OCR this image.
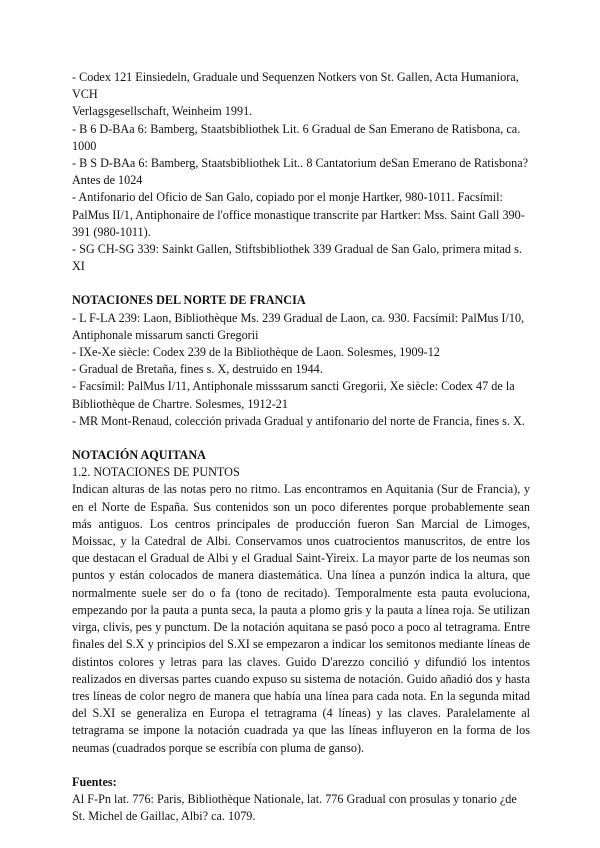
- Codex 121 Einsiedeln, Graduale und Sequenzen Notkers von St. Gallen, Acta Humaniora, VCH

Verlagsgesellschaft, Weinheim 1991.

- B 6 D-BAa 6: Bamberg, Staatsbibliothek Lit. 6 Gradual de San Emerano de Ratisbona, ca. 1000

- B S D-BAa 6: Bamberg, Staatsbibliothek Lit.. 8 Cantatorium deSan Emerano de Ratisbona? Antes de 1024

- Antifonario del Oficio de San Galo, copiado por el monje Hartker, 980-1011. Facsímil: PalMus II/1, Antiphonaire de l'office monastique transcrite par Hartker: Mss. Saint Gall 390-391 (980-1011).

- SG CH-SG 339: Sainkt Gallen, Stiftsbibliothek 339 Gradual de San Galo, primera mitad s. XI

NOTACIONES DEL NORTE DE FRANCIA

- L F-LA 239: Laon, Bibliothèque Ms. 239 Gradual de Laon, ca. 930. Facsímil: PalMus I/10, Antiphonale missarum sancti Gregorii

- IXe-Xe siècle: Codex 239 de la Bibliothèque de Laon. Solesmes, 1909-12

- Gradual de Bretaña, fines s. X, destruido en 1944.

- Facsímil: PalMus I/11, Antiphonale misssarum sancti Gregorii, Xe siècle: Codex 47 de la Bibliothèque de Chartre. Solesmes, 1912-21

- MR Mont-Renaud, colección privada Gradual y antifonario del norte de Francia, fines s. X.

NOTACIÓN AQUITANA

1.2. NOTACIONES DE PUNTOS

Indican alturas de las notas pero no ritmo. Las encontramos en Aquitania (Sur de Francia), y en el Norte de España. Sus contenidos son un poco diferentes porque probablemente sean más antiguos. Los centros principales de producción fueron San Marcial de Limoges, Moissac, y la Catedral de Albi. Conservamos unos cuatrocientos manuscritos, de entre los que destacan el Gradual de Albi y el Gradual Saint-Yireix. La mayor parte de los neumas son puntos y están colocados de manera diastemática. Una línea a punzón indica la altura, que normalmente suele ser do o fa (tono de recitado). Temporalmente esta pauta evoluciona, empezando por la pauta a punta seca, la pauta a plomo gris y la pauta a línea roja. Se utilizan virga, clivis, pes y punctum. De la notación aquitana se pasó poco a poco al tetragrama. Entre finales del S.X y principios del S.XI se empezaron a indicar los semitonos mediante líneas de distintos colores y letras para las claves. Guido D'arezzo concilió y difundió los intentos realizados en diversas partes cuando expuso su sistema de notación. Guido añadió dos y hasta tres líneas de color negro de manera que había una línea para cada nota. En la segunda mitad del S.XI se generaliza en Europa el tetragrama (4 líneas) y las claves. Paralelamente al tetragrama se impone la notación cuadrada ya que las líneas influyeron en la forma de los neumas (cuadrados porque se escribía con pluma de ganso).

Fuentes:

Al F-Pn lat. 776: Paris, Bibliothèque Nationale, lat. 776 Gradual con prosulas y tonario ¿de St. Michel de Gaillac, Albi? ca. 1079.
